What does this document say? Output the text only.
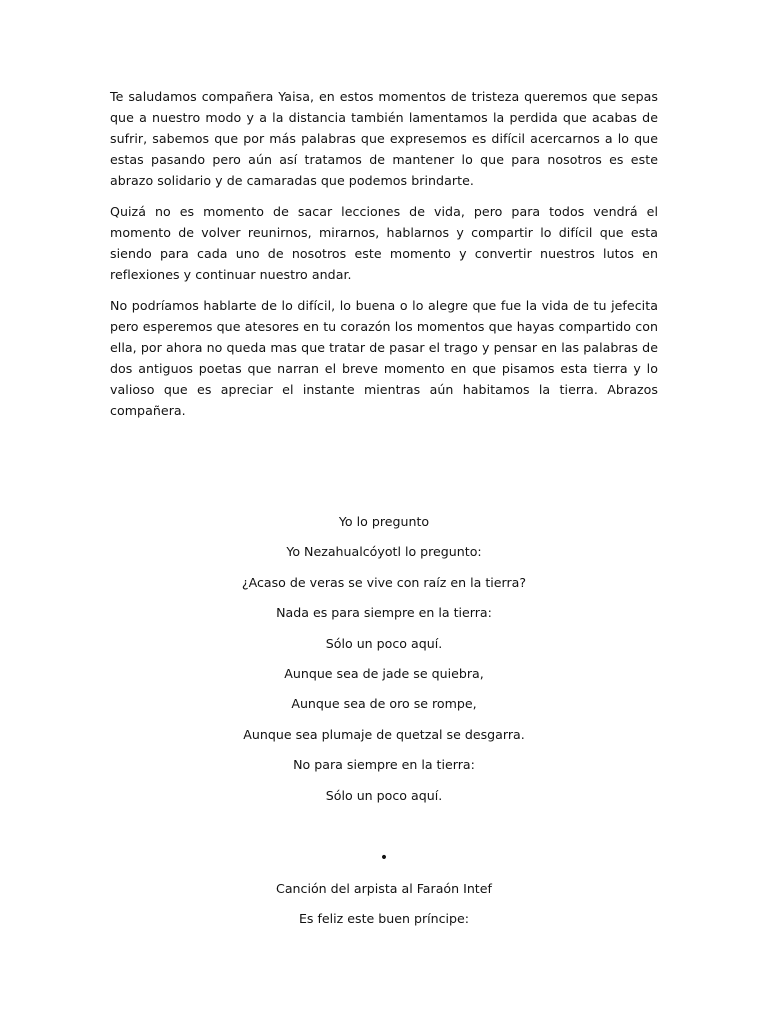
Te saludamos compañera Yaisa, en estos momentos de tristeza queremos que sepas que a nuestro modo y a la distancia también lamentamos la perdida que acabas de sufrir, sabemos que por más palabras que expresemos es difícil acercarnos a lo que estas pasando pero aún así tratamos de mantener lo que para nosotros es este abrazo solidario y de camaradas que podemos brindarte.

Quizá no es momento de sacar lecciones de vida, pero para todos vendrá el momento de volver reunirnos, mirarnos, hablarnos y compartir lo difícil que esta siendo para cada uno de nosotros este momento y convertir nuestros lutos en reflexiones y continuar nuestro andar.

No podríamos hablarte de lo difícil, lo buena o lo alegre que fue la vida de tu jefecita pero esperemos que atesores en tu corazón los momentos que hayas compartido con ella, por ahora no queda mas que tratar de pasar el trago y pensar en las palabras de dos antiguos poetas que narran el breve momento en que pisamos esta tierra y lo valioso que es apreciar el instante mientras aún habitamos la tierra. Abrazos compañera.

Yo lo pregunto
Yo Nezahualcóyotl lo pregunto:
¿Acaso de veras se vive con raíz en la tierra?
Nada es para siempre en la tierra:
Sólo un poco aquí.
Aunque sea de jade se quiebra,
Aunque sea de oro se rompe,
Aunque sea plumaje de quetzal se desgarra.
No para siempre en la tierra:
Sólo un poco aquí.
•
Canción del arpista al Faraón Intef
Es feliz este buen príncipe:
